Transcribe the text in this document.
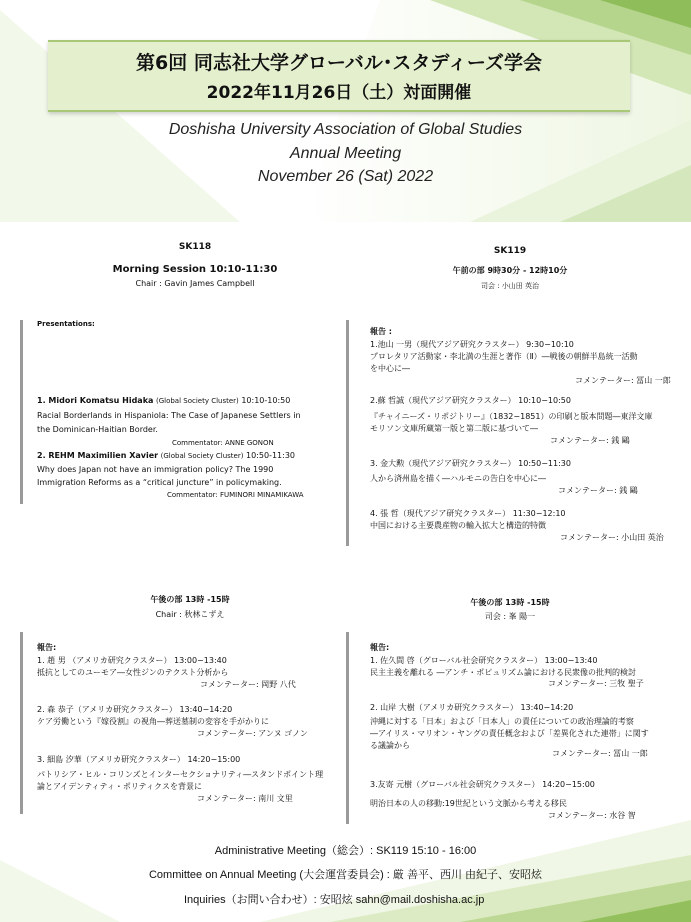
第6回 同志社大学グローバル･スタディーズ学会
2022年11月26日（土）対面開催
Doshisha University Association of Global Studies
Annual Meeting
November 26 (Sat) 2022
SK118
Morning Session 10:10-11:30
Chair : Gavin James Campbell
Presentations:
1. Midori Komatsu Hidaka (Global Society Cluster) 10:10-10:50
Racial Borderlands in Hispaniola: The Case of Japanese Settlers in
the Dominican-Haitian Border.
Commentator: ANNE GONON
2. REHM Maximilien Xavier (Global Society Cluster) 10:50-11:30
Why does Japan not have an immigration policy? The 1990
Immigration Reforms as a “critical juncture” in policymaking.
Commentator: FUMINORI MINAMIKAWA
SK119
午前の部 9時30分 - 12時10分
司会 : 小山田 英治
報告 :
1.池山 一男（現代アジア研究クラスター） 9:30−10:10
プロレタリア活動家・李北満の生涯と著作（Ⅱ）―戦後の朝鮮半島統一活動
を中心に―
コメンテーター: 冨山 一郎
2.蘇 哲誠（現代アジア研究クラスター） 10:10−10:50
『チャイニーズ・リポジトリー』（1832−1851）の印刷と版本問題―東洋文庫
モリソン文庫所蔵第一版と第二版に基づいて―
コメンテーター: 銭 鷗
3. 金大勲（現代アジア研究クラスター） 10:50−11:30
人から済州島を描く―ハルモニの告白を中心に―
コメンテーター: 銭 鷗
4. 張 哲（現代アジア研究クラスター） 11:30−12:10
中国における主要農産物の輸入拡大と構造的特徴
コメンテーター: 小山田 英治
午後の部 13時 -15時
Chair : 秋林こずえ
報告:
1. 趙 男 （アメリカ研究クラスター） 13:00−13:40
抵抗としてのユーモア―女性ジンのテクスト分析から
コメンテーター: 岡野 八代
2. 森 恭子（アメリカ研究クラスター） 13:40−14:20
ケア労働という『嫁役割』の視角―葬送墓制の変容を手がかりに
コメンテーター: アンヌ ゴノン
3. 細島 汐華（アメリカ研究クラスター） 14:20−15:00
パトリシア・ヒル・コリンズとインターセクショナリティ―スタンドポイント理
論とアイデンティティ・ポリティクスを背景に
コメンテーター: 南川 文里
午後の部 13時 -15時
司会 : 峯 陽一
報告:
1. 佐久間 啓（グローバル社会研究クラスター） 13:00−13:40
民主主義を離れる ―アンチ・ポピュリズム論における民衆像の批判的検討
コメンテーター: 三牧 聖子
2. 山岸 大樹（アメリカ研究クラスター） 13:40−14:20
沖縄に対する「日本」および「日本人」の責任についての政治理論的考察
―アイリス・マリオン・ヤングの責任概念および「差異化された連帯」に関す
る議論から
コメンテーター: 冨山 一郎
3.友寄 元樹（グローバル社会研究クラスター） 14:20−15:00
明治日本の人の移動:19世紀という文脈から考える移民
コメンテーター: 水谷 智
Administrative Meeting（総会）: SK119 15:10 - 16:00
Committee on Annual Meeting (大会運営委員会) : 厳 善平、西川 由紀子、安昭炫
Inquiries（お問い合わせ）: 安昭炫 sahn@mail.doshisha.ac.jp
